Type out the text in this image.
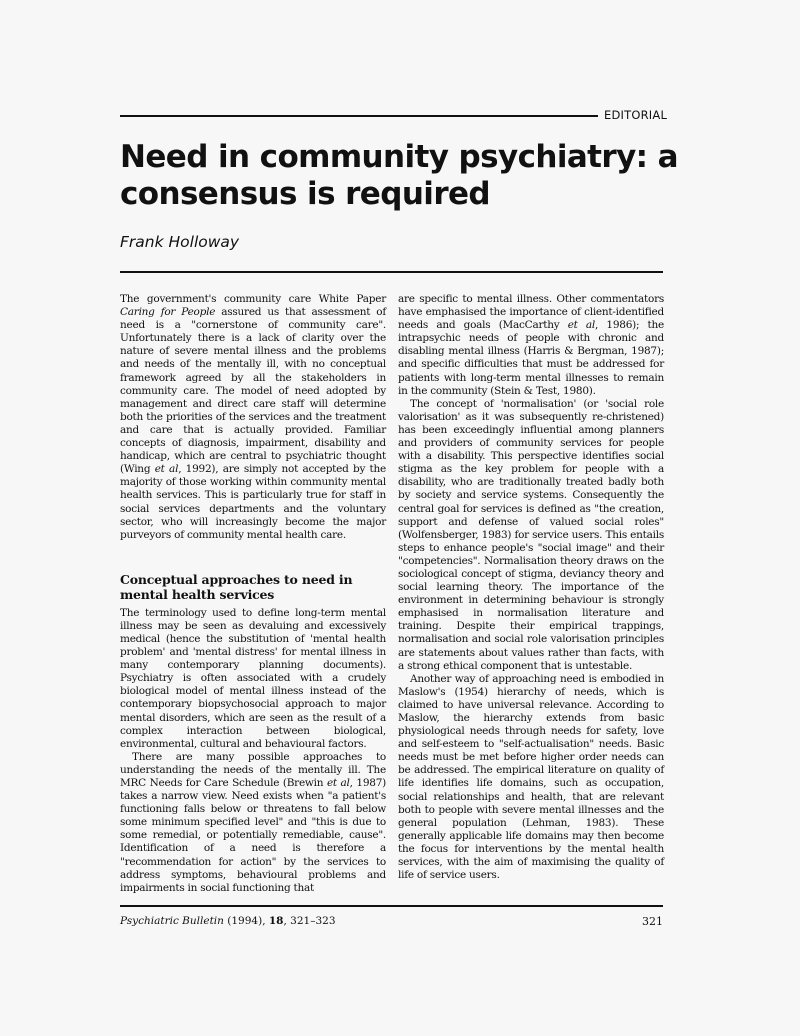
EDITORIAL
Need in community psychiatry: a consensus is required

Frank Holloway

The government's community care White Paper Caring for People assured us that assessment of need is a "cornerstone of community care". Unfortunately there is a lack of clarity over the nature of severe mental illness and the problems and needs of the mentally ill, with no conceptual framework agreed by all the stakeholders in community care. The model of need adopted by management and direct care staff will determine both the priorities of the services and the treatment and care that is actually provided. Familiar concepts of diagnosis, impairment, disability and handicap, which are central to psychiatric thought (Wing et al, 1992), are simply not accepted by the majority of those working within community mental health services. This is particularly true for staff in social services departments and the voluntary sector, who will increasingly become the major purveyors of community mental health care.

Conceptual approaches to need in mental health services

The terminology used to define long-term mental illness may be seen as devaluing and excessively medical (hence the substitution of 'mental health problem' and 'mental distress' for mental illness in many contemporary planning documents). Psychiatry is often associated with a crudely biological model of mental illness instead of the contemporary biopsychosocial approach to major mental disorders, which are seen as the result of a complex interaction between biological, environmental, cultural and behavioural factors.

There are many possible approaches to understanding the needs of the mentally ill. The MRC Needs for Care Schedule (Brewin et al, 1987) takes a narrow view. Need exists when "a patient's functioning falls below or threatens to fall below some minimum specified level" and "this is due to some remedial, or potentially remediable, cause". Identification of a need is therefore a "recommendation for action" by the services to address symptoms, behavioural problems and impairments in social functioning that

are specific to mental illness. Other commentators have emphasised the importance of client-identified needs and goals (MacCarthy et al, 1986); the intrapsychic needs of people with chronic and disabling mental illness (Harris & Bergman, 1987); and specific difficulties that must be addressed for patients with long-term mental illnesses to remain in the community (Stein & Test, 1980).

The concept of 'normalisation' (or 'social role valorisation' as it was subsequently re-christened) has been exceedingly influential among planners and providers of community services for people with a disability. This perspective identifies social stigma as the key problem for people with a disability, who are traditionally treated badly both by society and service systems. Consequently the central goal for services is defined as "the creation, support and defense of valued social roles" (Wolfensberger, 1983) for service users. This entails steps to enhance people's "social image" and their "competencies". Normalisation theory draws on the sociological concept of stigma, deviancy theory and social learning theory. The importance of the environment in determining behaviour is strongly emphasised in normalisation literature and training. Despite their empirical trappings, normalisation and social role valorisation principles are statements about values rather than facts, with a strong ethical component that is untestable.

Another way of approaching need is embodied in Maslow's (1954) hierarchy of needs, which is claimed to have universal relevance. According to Maslow, the hierarchy extends from basic physiological needs through needs for safety, love and self-esteem to "self-actualisation" needs. Basic needs must be met before higher order needs can be addressed. The empirical literature on quality of life identifies life domains, such as occupation, social relationships and health, that are relevant both to people with severe mental illnesses and the general population (Lehman, 1983). These generally applicable life domains may then become the focus for interventions by the mental health services, with the aim of maximising the quality of life of service users.

Psychiatric Bulletin (1994), 18, 321–323	321
